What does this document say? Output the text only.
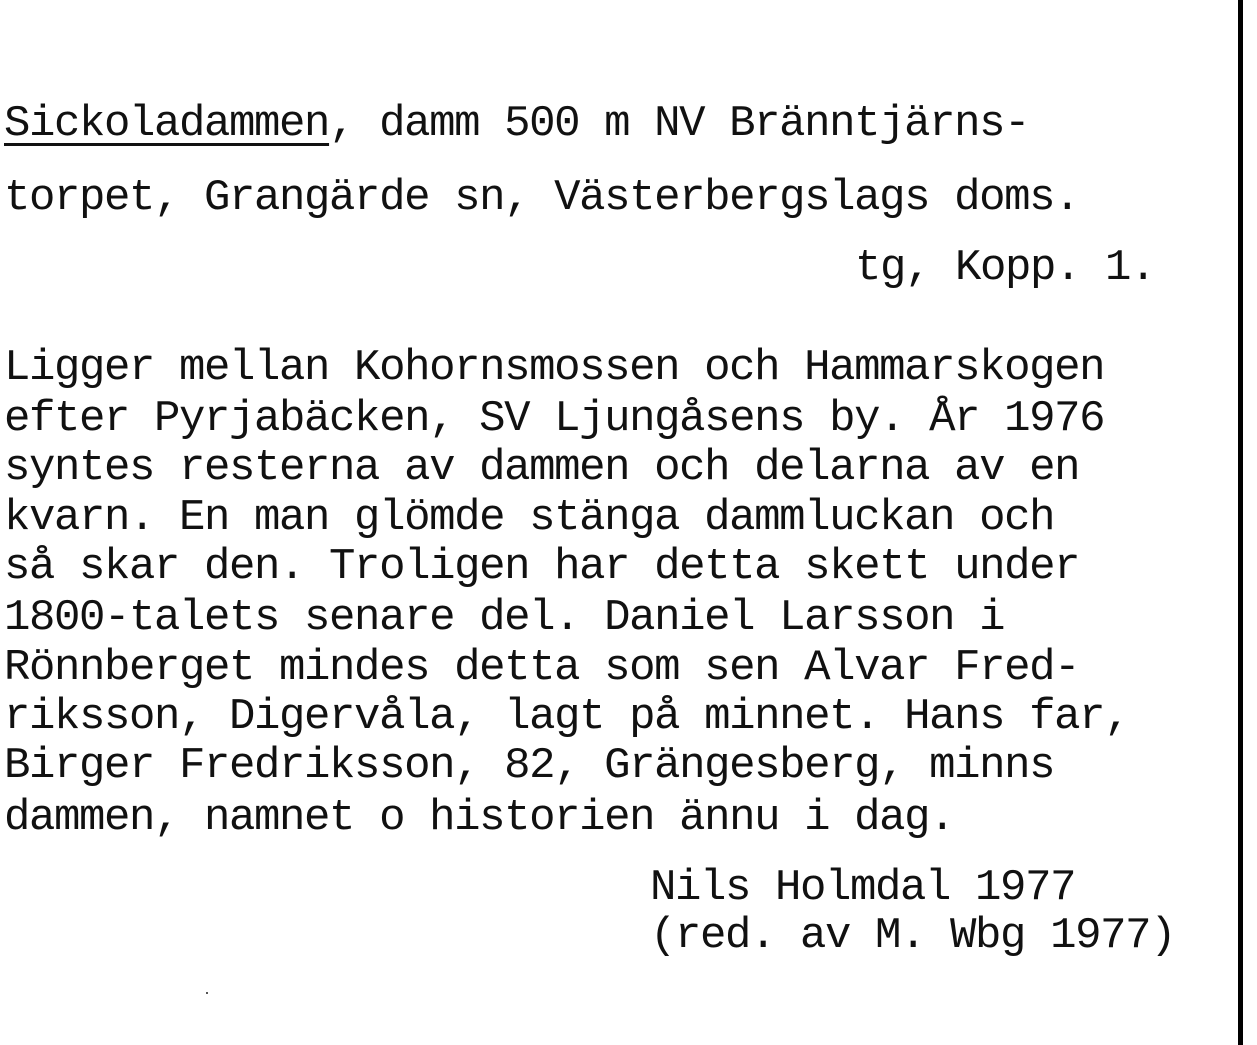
Sickoladammen, damm 500 m NV Bränntjärns-

torpet, Grangärde sn, Västerbergslags doms.

tg, Kopp. 1.

Ligger mellan Kohornsmossen och Hammarskogen

efter Pyrjabäcken, SV Ljungåsens by. År 1976

syntes resterna av dammen och delarna av en

kvarn. En man glömde stänga dammluckan och

så skar den. Troligen har detta skett under

1800-talets senare del. Daniel Larsson i

Rönnberget mindes detta som sen Alvar Fred-

riksson, Digervåla, lagt på minnet. Hans far,

Birger Fredriksson, 82, Grängesberg, minns

dammen, namnet o historien ännu i dag.

Nils Holmdal 1977

(red. av M. Wbg 1977)
